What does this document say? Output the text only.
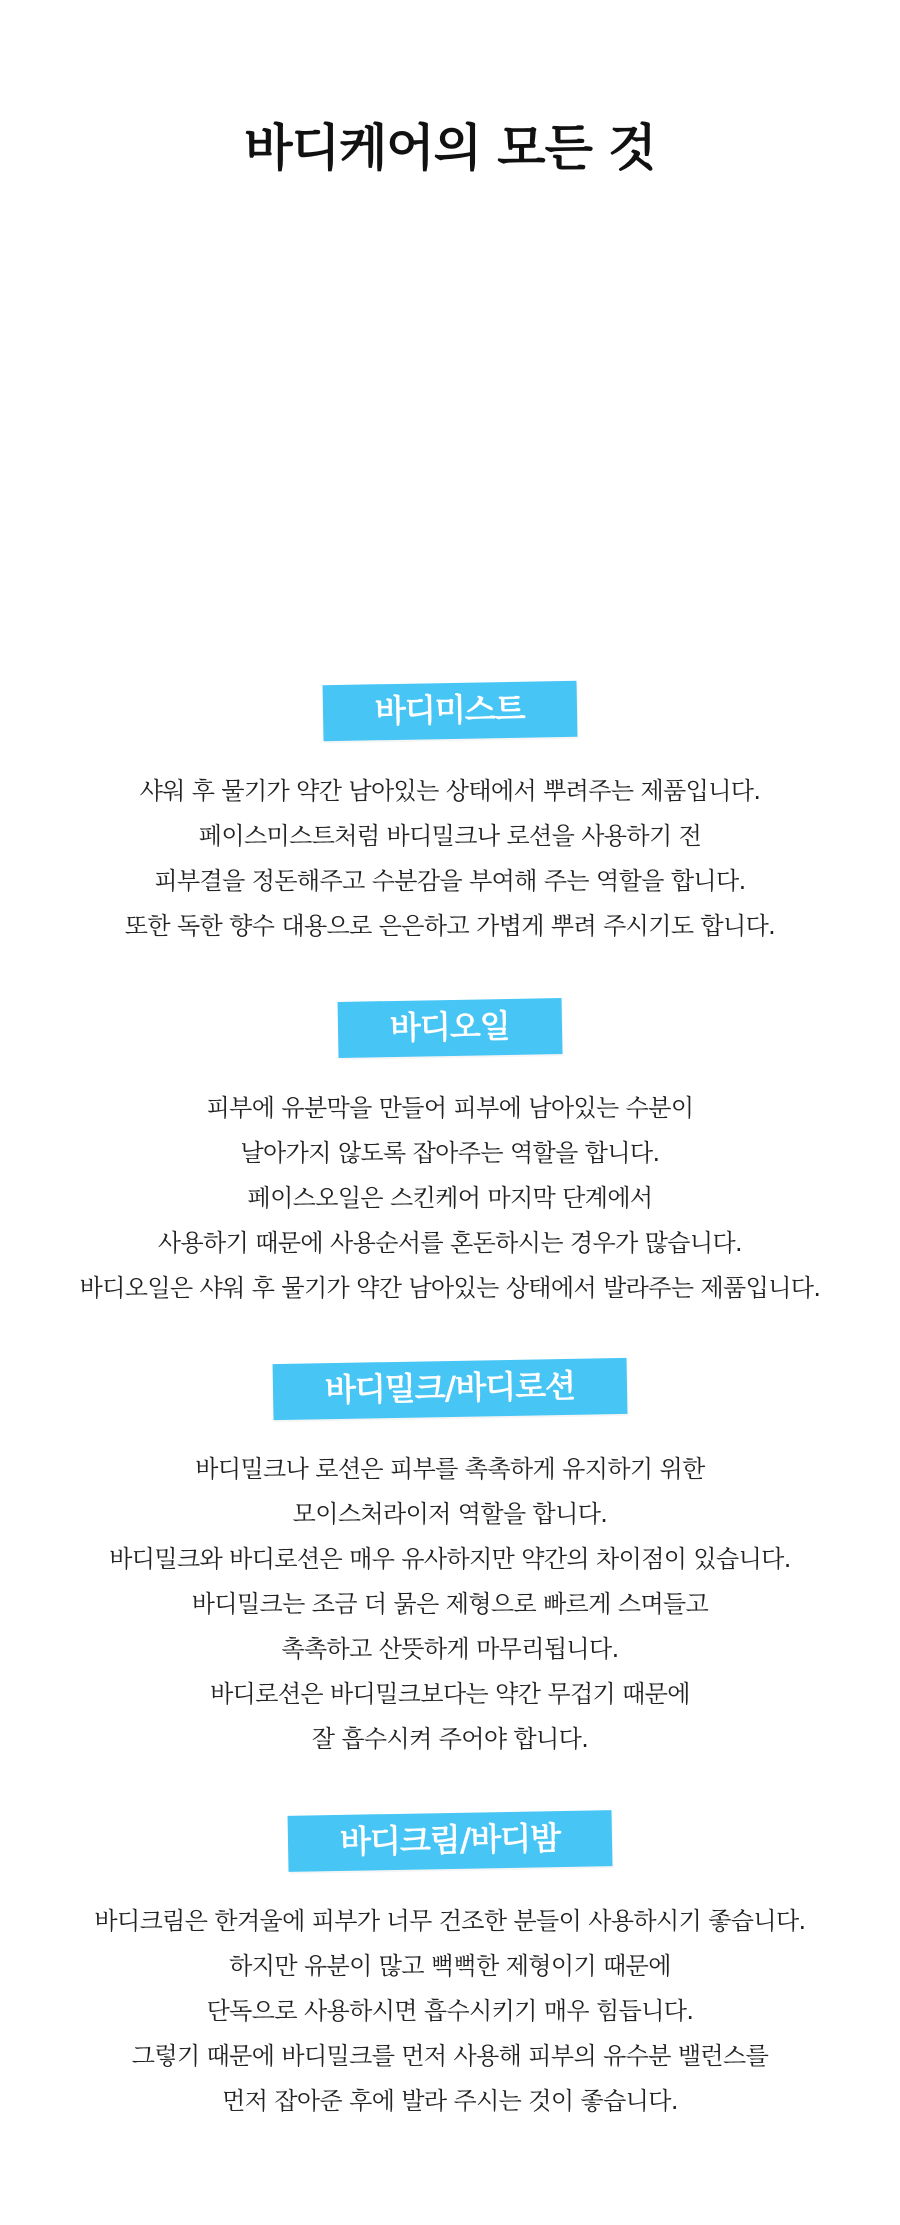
바디케어의 모든 것
바디미스트
샤워 후 물기가 약간 남아있는 상태에서 뿌려주는 제품입니다.
페이스미스트처럼 바디밀크나 로션을 사용하기 전
피부결을 정돈해주고 수분감을 부여해 주는 역할을 합니다.
또한 독한 향수 대용으로 은은하고 가볍게 뿌려 주시기도 합니다.
바디오일
피부에 유분막을 만들어 피부에 남아있는 수분이
날아가지 않도록 잡아주는 역할을 합니다.
페이스오일은 스킨케어 마지막 단계에서
사용하기 때문에 사용순서를 혼돈하시는 경우가 많습니다.
바디오일은 샤워 후 물기가 약간 남아있는 상태에서 발라주는 제품입니다.
바디밀크/바디로션
바디밀크나 로션은 피부를 촉촉하게 유지하기 위한
모이스처라이저 역할을 합니다.
바디밀크와 바디로션은 매우 유사하지만 약간의 차이점이 있습니다.
바디밀크는 조금 더 묽은 제형으로 빠르게 스며들고
촉촉하고 산뜻하게 마무리됩니다.
바디로션은 바디밀크보다는 약간 무겁기 때문에
잘 흡수시켜 주어야 합니다.
바디크림/바디밤
바디크림은 한겨울에 피부가 너무 건조한 분들이 사용하시기 좋습니다.
하지만 유분이 많고 뻑뻑한 제형이기 때문에
단독으로 사용하시면 흡수시키기 매우 힘듭니다.
그렇기 때문에 바디밀크를 먼저 사용해 피부의 유수분 밸런스를
먼저 잡아준 후에 발라 주시는 것이 좋습니다.
